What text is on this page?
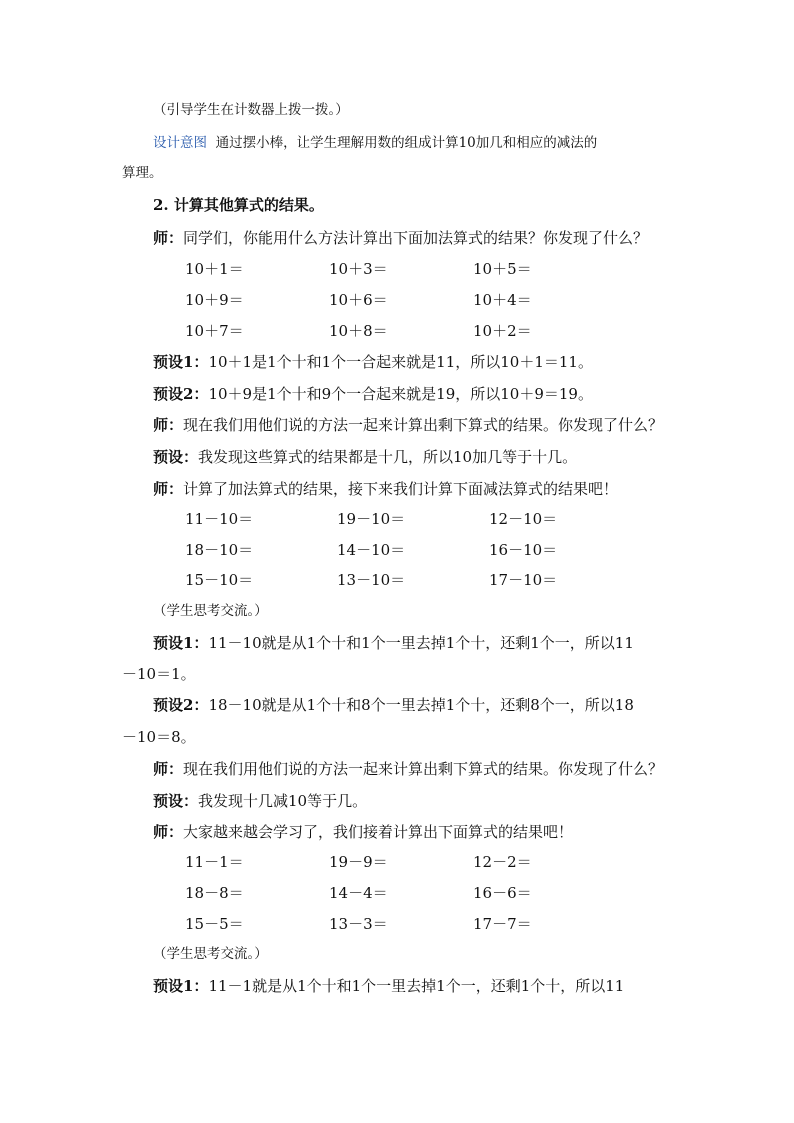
（引导学生在计数器上拨一拨。）

设计意图 通过摆小棒，让学生理解用数的组成计算10加几和相应的减法的

算理。

2. 计算其他算式的结果。

师：同学们，你能用什么方法计算出下面加法算式的结果？你发现了什么？

10＋1＝	10＋3＝	10＋5＝

10＋9＝	10＋6＝	10＋4＝

10＋7＝	10＋8＝	10＋2＝

预设1：10＋1是1个十和1个一合起来就是11，所以10＋1＝11。

预设2：10＋9是1个十和9个一合起来就是19，所以10＋9＝19。

师：现在我们用他们说的方法一起来计算出剩下算式的结果。你发现了什么？

预设：我发现这些算式的结果都是十几，所以10加几等于十几。

师：计算了加法算式的结果，接下来我们计算下面减法算式的结果吧！

11－10＝	19－10＝	12－10＝

18－10＝	14－10＝	16－10＝

15－10＝	13－10＝	17－10＝

（学生思考交流。）

预设1：11－10就是从1个十和1个一里去掉1个十，还剩1个一，所以11

－10＝1。

预设2：18－10就是从1个十和8个一里去掉1个十，还剩8个一，所以18

－10＝8。

师：现在我们用他们说的方法一起来计算出剩下算式的结果。你发现了什么？

预设：我发现十几减10等于几。

师：大家越来越会学习了，我们接着计算出下面算式的结果吧！

11－1＝	19－9＝	12－2＝

18－8＝	14－4＝	16－6＝

15－5＝	13－3＝	17－7＝

（学生思考交流。）

预设1：11－1就是从1个十和1个一里去掉1个一，还剩1个十，所以11
